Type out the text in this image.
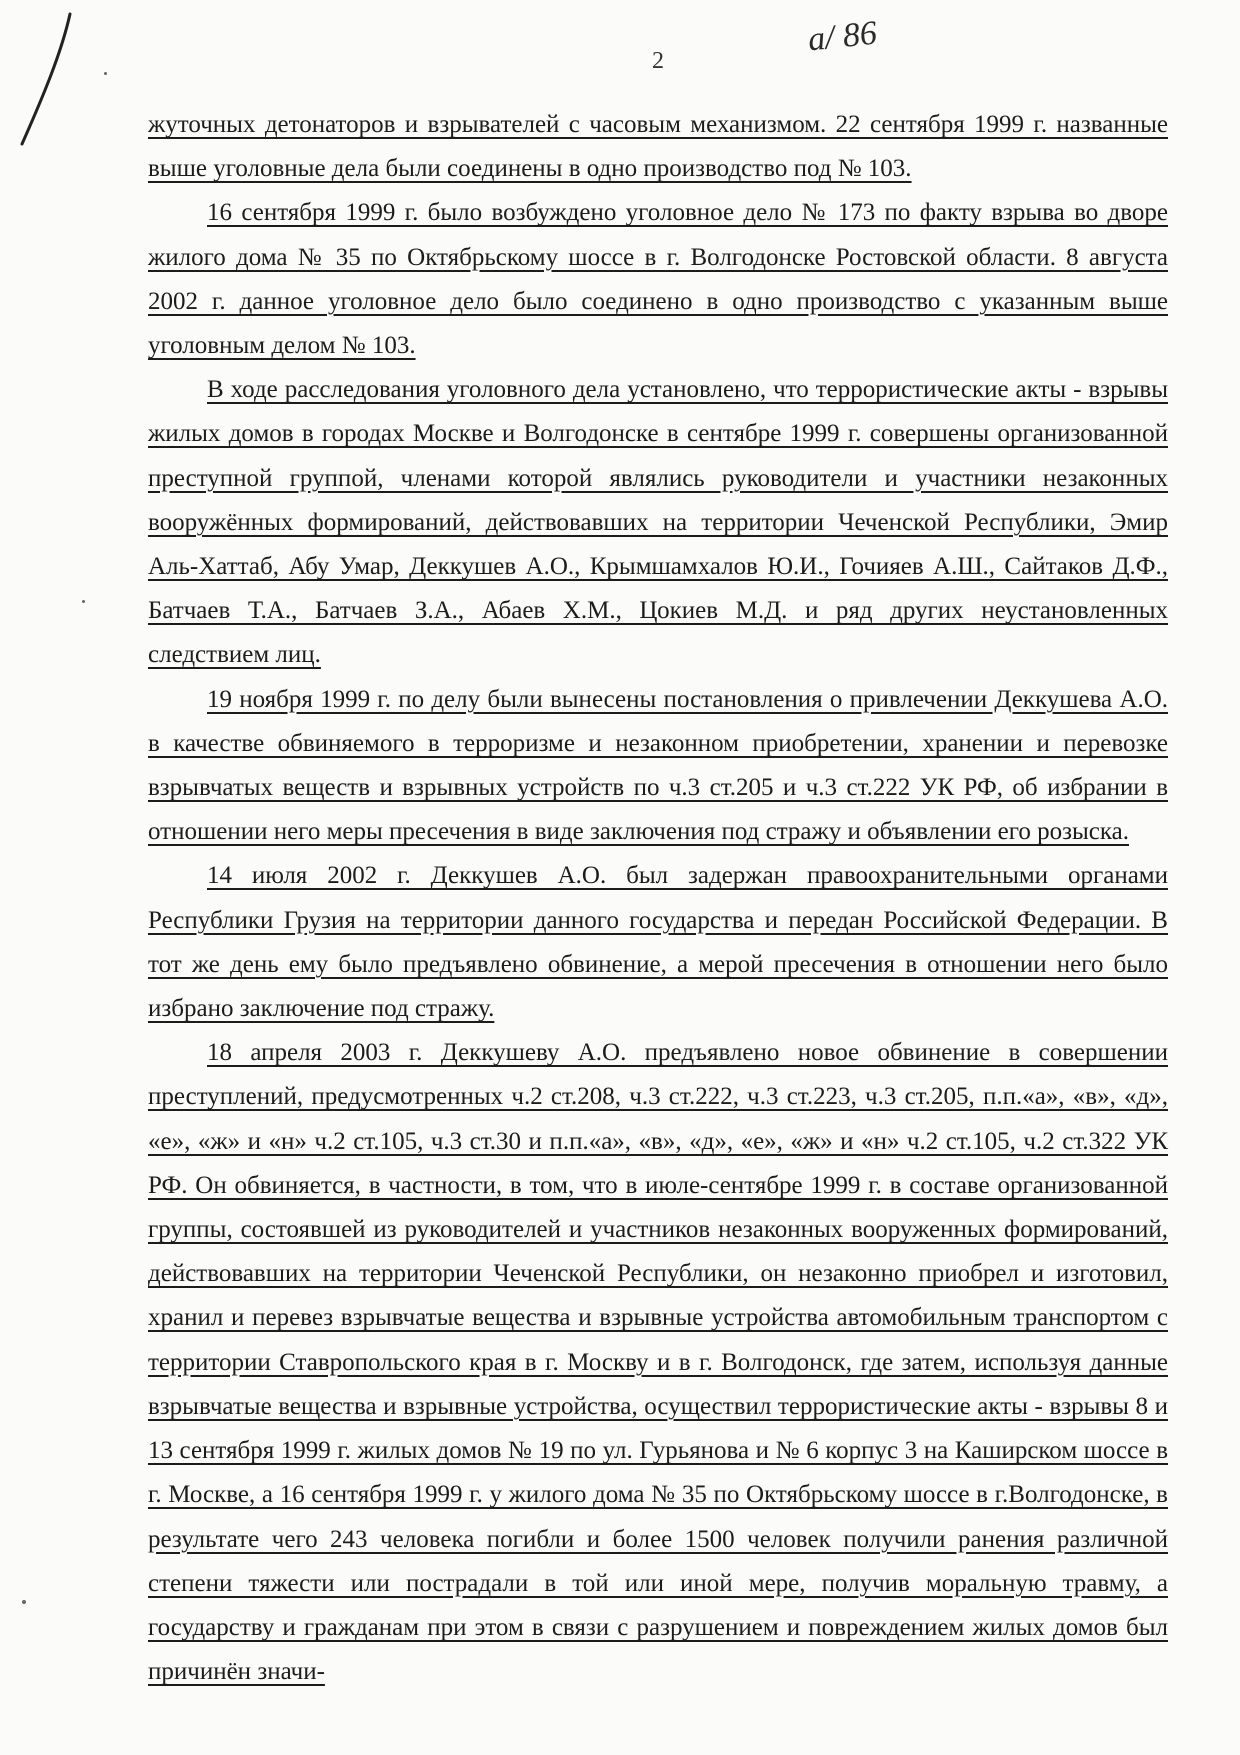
2
а/ 86

жуточных детонаторов и взрывателей с часовым механизмом. 22 сентября 1999 г. названные выше уголовные дела были соединены в одно производство под № 103.

16 сентября 1999 г. было возбуждено уголовное дело № 173 по факту взрыва во дворе жилого дома № 35 по Октябрьскому шоссе в г. Волгодонске Ростовской области. 8 августа 2002 г. данное уголовное дело было соединено в одно производство с указанным выше уголовным делом № 103.

В ходе расследования уголовного дела установлено, что террористические акты - взрывы жилых домов в городах Москве и Волгодонске в сентябре 1999 г. совершены организованной преступной группой, членами которой являлись руководители и участники незаконных вооружённых формирований, действовавших на территории Чеченской Республики, Эмир Аль-Хаттаб, Абу Умар, Деккушев А.О., Крымшамхалов Ю.И., Гочияев А.Ш., Сайтаков Д.Ф., Батчаев Т.А., Батчаев З.А., Абаев Х.М., Цокиев М.Д. и ряд других неустановленных следствием лиц.

19 ноября 1999 г. по делу были вынесены постановления о привлечении Деккушева А.О. в качестве обвиняемого в терроризме и незаконном приобретении, хранении и перевозке взрывчатых веществ и взрывных устройств по ч.3 ст.205 и ч.3 ст.222 УК РФ, об избрании в отношении него меры пресечения в виде заключения под стражу и объявлении его розыска.

14 июля 2002 г. Деккушев А.О. был задержан правоохранительными органами Республики Грузия на территории данного государства и передан Российской Федерации. В тот же день ему было предъявлено обвинение, а мерой пресечения в отношении него было избрано заключение под стражу.

18 апреля 2003 г. Деккушеву А.О. предъявлено новое обвинение в совершении преступлений, предусмотренных ч.2 ст.208, ч.3 ст.222, ч.3 ст.223, ч.3 ст.205, п.п.«а», «в», «д», «е», «ж» и «н» ч.2 ст.105, ч.3 ст.30 и п.п.«а», «в», «д», «е», «ж» и «н» ч.2 ст.105, ч.2 ст.322 УК РФ. Он обвиняется, в частности, в том, что в июле-сентябре 1999 г. в составе организованной группы, состоявшей из руководителей и участников незаконных вооруженных формирований, действовавших на территории Чеченской Республики, он незаконно приобрел и изготовил, хранил и перевез взрывчатые вещества и взрывные устройства автомобильным транспортом с территории Ставропольского края в г. Москву и в г. Волгодонск, где затем, используя данные взрывчатые вещества и взрывные устройства, осуществил террористические акты - взрывы 8 и 13 сентября 1999 г. жилых домов № 19 по ул. Гурьянова и № 6 корпус 3 на Каширском шоссе в г. Москве, а 16 сентября 1999 г. у жилого дома № 35 по Октябрьскому шоссе в г.Волгодонске, в результате чего 243 человека погибли и более 1500 человек получили ранения различной степени тяжести или пострадали в той или иной мере, получив моральную травму, а государству и гражданам при этом в связи с разрушением и повреждением жилых домов был причинён значи-
